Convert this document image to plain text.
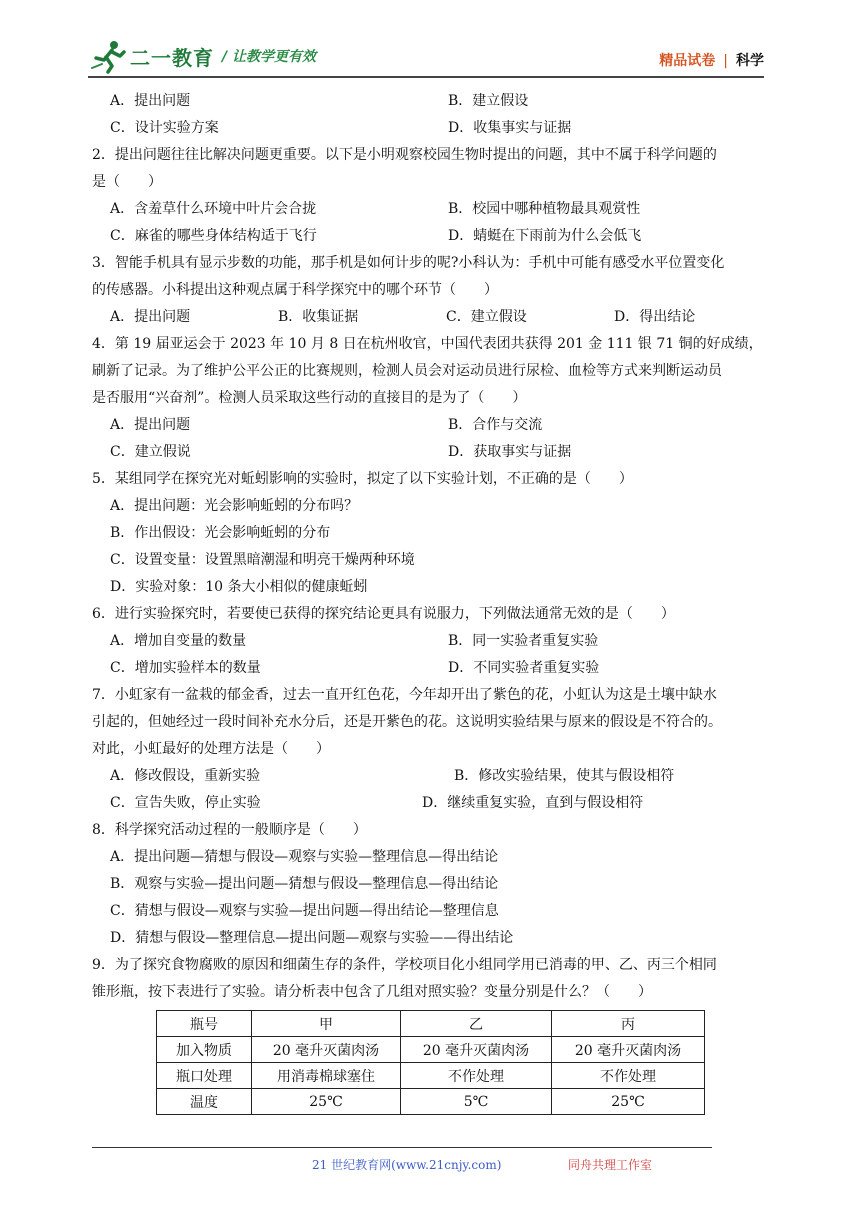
二一教育 / 让教学更有效	精品试卷 | 科学
A．提出问题	B．建立假设
C．设计实验方案	D．收集事实与证据
2．提出问题往往比解决问题更重要。以下是小明观察校园生物时提出的问题，其中不属于科学问题的
是（　　）
A．含羞草什么环境中叶片会合拢	B．校园中哪种植物最具观赏性
C．麻雀的哪些身体结构适于飞行	D．蜻蜓在下雨前为什么会低飞
3．智能手机具有显示步数的功能，那手机是如何计步的呢?小科认为：手机中可能有感受水平位置变化
的传感器。小科提出这种观点属于科学探究中的哪个环节（　　）
A．提出问题	B．收集证据	C．建立假设	D．得出结论
4．第 19 届亚运会于 2023 年 10 月 8 日在杭州收官，中国代表团共获得 201 金 111 银 71 铜的好成绩，
刷新了记录。为了维护公平公正的比赛规则，检测人员会对运动员进行尿检、血检等方式来判断运动员
是否服用“兴奋剂”。检测人员采取这些行动的直接目的是为了（　　）
A．提出问题	B．合作与交流
C．建立假说	D．获取事实与证据
5．某组同学在探究光对蚯蚓影响的实验时，拟定了以下实验计划，不正确的是（　　）
A．提出问题：光会影响蚯蚓的分布吗？
B．作出假设：光会影响蚯蚓的分布
C．设置变量：设置黑暗潮湿和明亮干燥两种环境
D．实验对象：10 条大小相似的健康蚯蚓
6．进行实验探究时，若要使已获得的探究结论更具有说服力，下列做法通常无效的是（　　）
A．增加自变量的数量	B．同一实验者重复实验
C．增加实验样本的数量	D．不同实验者重复实验
7．小虹家有一盆栽的郁金香，过去一直开红色花，今年却开出了紫色的花，小虹认为这是土壤中缺水
引起的，但她经过一段时间补充水分后，还是开紫色的花。这说明实验结果与原来的假设是不符合的。
对此，小虹最好的处理方法是（　　）
A．修改假设，重新实验	B．修改实验结果，使其与假设相符
C．宣告失败，停止实验	D．继续重复实验，直到与假设相符
8．科学探究活动过程的一般顺序是（　　）
A．提出问题—猜想与假设—观察与实验—整理信息—得出结论
B．观察与实验—提出问题—猜想与假设—整理信息—得出结论
C．猜想与假设—观察与实验—提出问题—得出结论—整理信息
D．猜想与假设—整理信息—提出问题—观察与实验——得出结论
9．为了探究食物腐败的原因和细菌生存的条件，学校项目化小组同学用已消毒的甲、乙、丙三个相同
锥形瓶，按下表进行了实验。请分析表中包含了几组对照实验？变量分别是什么？（　　）
瓶号	甲	乙	丙
加入物质	20 毫升灭菌肉汤	20 毫升灭菌肉汤	20 毫升灭菌肉汤
瓶口处理	用消毒棉球塞住	不作处理	不作处理
温度	25℃	5℃	25℃
21 世纪教育网(www.21cnjy.com)	同舟共理工作室
